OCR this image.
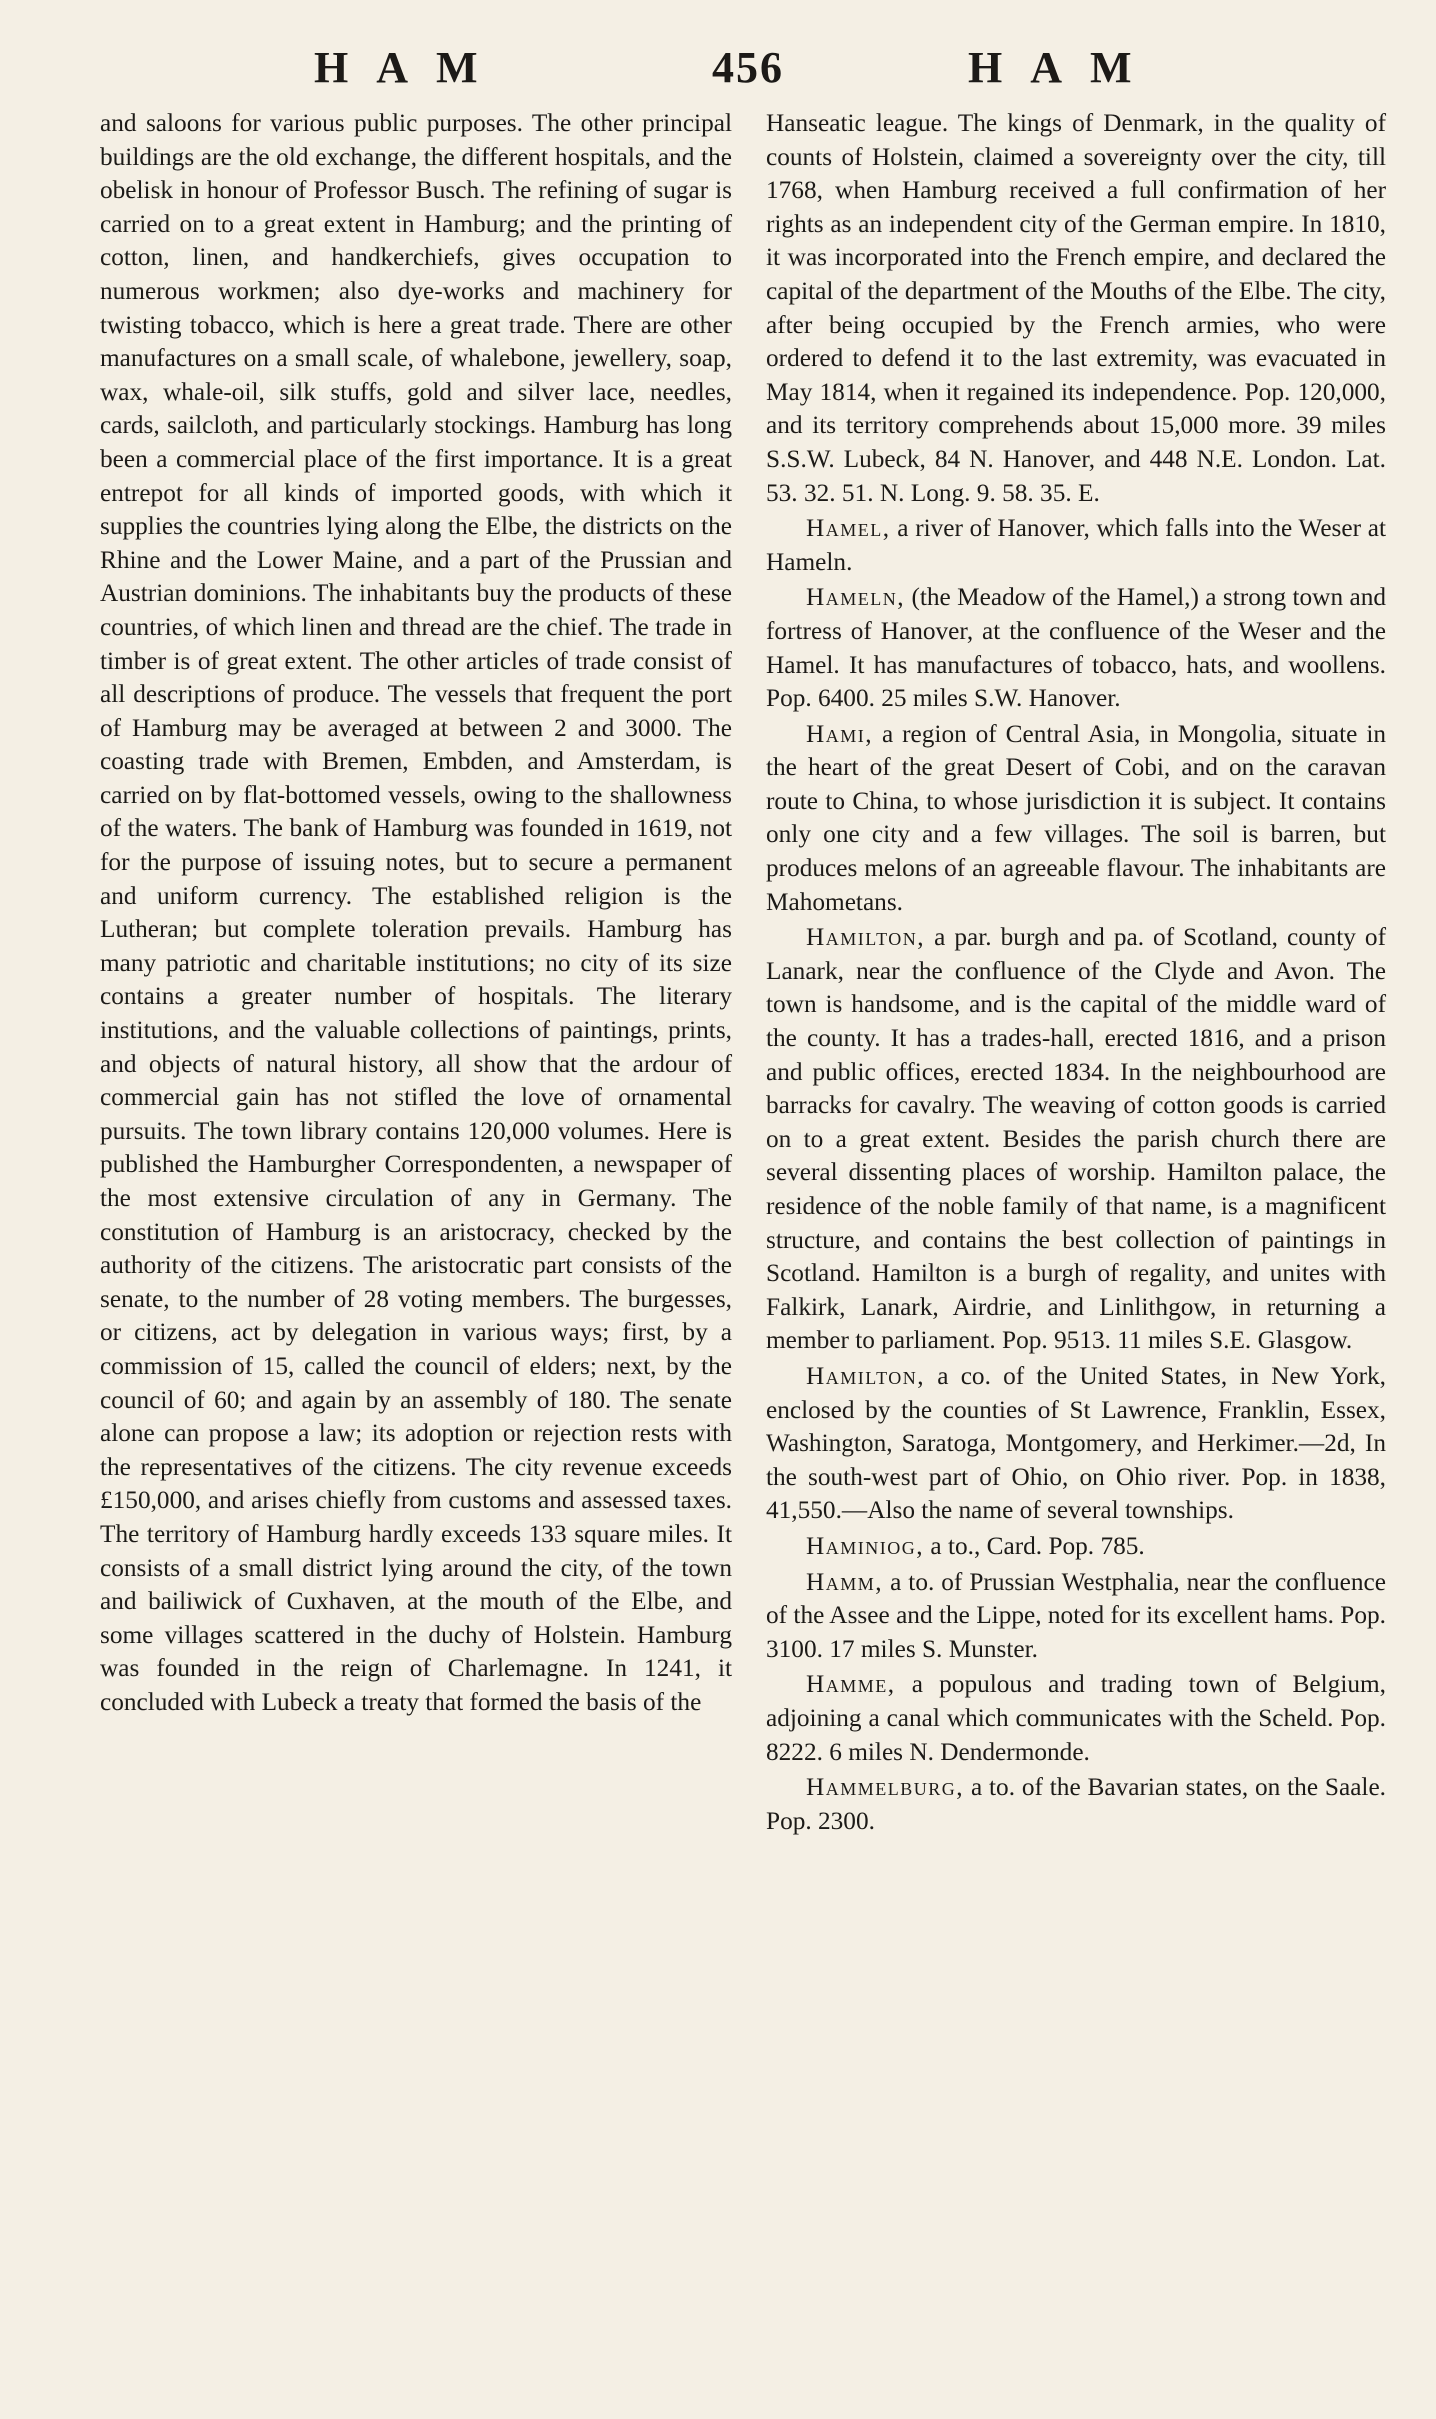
HAM	456	HAM

and saloons for various public purposes. The other principal buildings are the old exchange, the different hospitals, and the obelisk in honour of Professor Busch. The refining of sugar is carried on to a great extent in Hamburg; and the printing of cotton, linen, and handkerchiefs, gives occupation to numerous workmen; also dye-works and machinery for twisting tobacco, which is here a great trade. There are other manufactures on a small scale, of whalebone, jewellery, soap, wax, whale-oil, silk stuffs, gold and silver lace, needles, cards, sailcloth, and particularly stockings. Hamburg has long been a commercial place of the first importance. It is a great entrepot for all kinds of imported goods, with which it supplies the countries lying along the Elbe, the districts on the Rhine and the Lower Maine, and a part of the Prussian and Austrian dominions. The inhabitants buy the products of these countries, of which linen and thread are the chief. The trade in timber is of great extent. The other articles of trade consist of all descriptions of produce. The vessels that frequent the port of Hamburg may be averaged at between 2 and 3000. The coasting trade with Bremen, Embden, and Amsterdam, is carried on by flat-bottomed vessels, owing to the shallowness of the waters. The bank of Hamburg was founded in 1619, not for the purpose of issuing notes, but to secure a permanent and uniform currency. The established religion is the Lutheran; but complete toleration prevails. Hamburg has many patriotic and charitable institutions; no city of its size contains a greater number of hospitals. The literary institutions, and the valuable collections of paintings, prints, and objects of natural history, all show that the ardour of commercial gain has not stifled the love of ornamental pursuits. The town library contains 120,000 volumes. Here is published the Hamburgher Correspondenten, a newspaper of the most extensive circulation of any in Germany. The constitution of Hamburg is an aristocracy, checked by the authority of the citizens. The aristocratic part consists of the senate, to the number of 28 voting members. The burgesses, or citizens, act by delegation in various ways; first, by a commission of 15, called the council of elders; next, by the council of 60; and again by an assembly of 180. The senate alone can propose a law; its adoption or rejection rests with the representatives of the citizens. The city revenue exceeds £150,000, and arises chiefly from customs and assessed taxes. The territory of Hamburg hardly exceeds 133 square miles. It consists of a small district lying around the city, of the town and bailiwick of Cuxhaven, at the mouth of the Elbe, and some villages scattered in the duchy of Holstein. Hamburg was founded in the reign of Charlemagne. In 1241, it concluded with Lubeck a treaty that formed the basis of the

Hanseatic league. The kings of Denmark, in the quality of counts of Holstein, claimed a sovereignty over the city, till 1768, when Hamburg received a full confirmation of her rights as an independent city of the German empire. In 1810, it was incorporated into the French empire, and declared the capital of the department of the Mouths of the Elbe. The city, after being occupied by the French armies, who were ordered to defend it to the last extremity, was evacuated in May 1814, when it regained its independence. Pop. 120,000, and its territory comprehends about 15,000 more. 39 miles S.S.W. Lubeck, 84 N. Hanover, and 448 N.E. London. Lat. 53. 32. 51. N. Long. 9. 58. 35. E.

Hamel, a river of Hanover, which falls into the Weser at Hameln.

Hameln, (the Meadow of the Hamel,) a strong town and fortress of Hanover, at the confluence of the Weser and the Hamel. It has manufactures of tobacco, hats, and woollens. Pop. 6400. 25 miles S.W. Hanover.

Hami, a region of Central Asia, in Mongolia, situate in the heart of the great Desert of Cobi, and on the caravan route to China, to whose jurisdiction it is subject. It contains only one city and a few villages. The soil is barren, but produces melons of an agreeable flavour. The inhabitants are Mahometans.

Hamilton, a par. burgh and pa. of Scotland, county of Lanark, near the confluence of the Clyde and Avon. The town is handsome, and is the capital of the middle ward of the county. It has a trades-hall, erected 1816, and a prison and public offices, erected 1834. In the neighbourhood are barracks for cavalry. The weaving of cotton goods is carried on to a great extent. Besides the parish church there are several dissenting places of worship. Hamilton palace, the residence of the noble family of that name, is a magnificent structure, and contains the best collection of paintings in Scotland. Hamilton is a burgh of regality, and unites with Falkirk, Lanark, Airdrie, and Linlithgow, in returning a member to parliament. Pop. 9513. 11 miles S.E. Glasgow.

Hamilton, a co. of the United States, in New York, enclosed by the counties of St Lawrence, Franklin, Essex, Washington, Saratoga, Montgomery, and Herkimer.—2d, In the south-west part of Ohio, on Ohio river. Pop. in 1838, 41,550.—Also the name of several townships.

Haminiog, a to., Card. Pop. 785.

Hamm, a to. of Prussian Westphalia, near the confluence of the Assee and the Lippe, noted for its excellent hams. Pop. 3100. 17 miles S. Munster.

Hamme, a populous and trading town of Belgium, adjoining a canal which communicates with the Scheld. Pop. 8222. 6 miles N. Dendermonde.

Hammelburg, a to. of the Bavarian states, on the Saale. Pop. 2300.
